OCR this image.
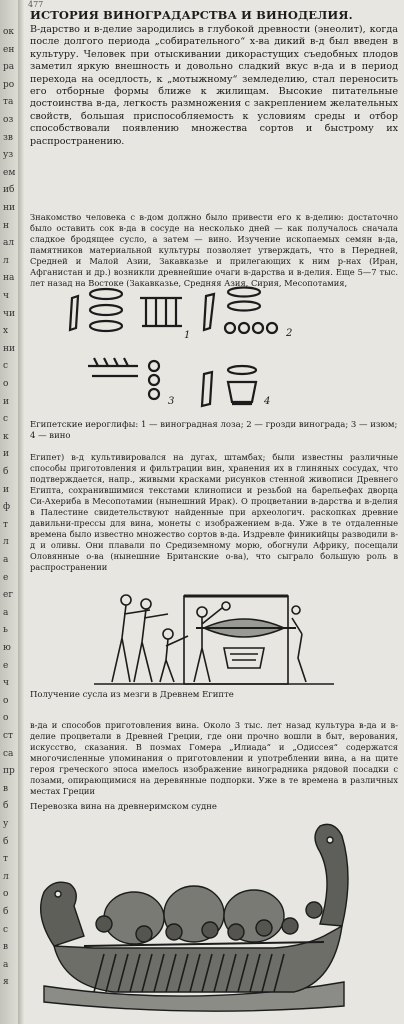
ок
ен
ра
ро
та
оз
зв
уз
ем
иб
ни
н
ал
л
на
ч
чи
х
ни
с
о
и
с
к
и
б
и
ф
т
л
а
е
ег
а
ь
ю
е
ч
о
о
ст
са
пр
в
б
у
б
т
л
о
б
с
в
а
я
477
ИСТОРИЯ ВИНОГРАДАРСТВА И ВИНОДЕЛИЯ.
В-дарство и в-делие зародились в глубокой древности (энеолит), когда после долгого периода „собирательного“ х-ва дикий в-д был введен в культуру. Человек при отыскивании дикорастущих съедобных плодов заметил яркую внешность и довольно сладкий вкус в-да и в период перехода на оседлость, к „мотыжному“ земледелию, стал переносить его отборные формы ближе к жилищам. Высокие питательные достоинства в-да, легкость размножения с закреплением желательных свойств, большая приспособляемость к условиям среды и отбор способствовали появлению множества сортов и быстрому их распространению.
Знакомство человека с в-дом должно было привести его к в-делию: достаточно было оставить сок в-да в сосуде на несколько дней — как получалось сначала сладкое бродящее сусло, а затем — вино. Изучение ископаемых семян в-да, памятников материальной культуры позволяет утверждать, что в Передней, Средней и Малой Азии, Закавказье и прилегающих к ним р-нах (Иран, Афганистан и др.) возникли древнейшие очаги в-дарства и в-делия. Еще 5—7 тыс. лет назад на Востоке (Закавказье, Средняя Азия, Сирия, Месопотамия,
1	2
3	4
Египетские иероглифы: 1 — виноградная лоза; 2 — грозди винограда; 3 — изюм; 4 — вино
Египет) в-д культивировался на дугах, штамбах; были известны различные способы приготовления и фильтрации вин, хранения их в глиняных сосудах, что подтверждается, напр., живыми красками рисунков стенной живописи Древнего Египта, сохранившимися текстами клинописи и резьбой на барельефах дворца Си-Ахериба в Месопотамии (нынешний Ирак). О процветании в-дарства и в-делия в Палестине свидетельствуют найденные при археологич. раскопках древние давильни-прессы для вина, монеты с изображением в-да. Уже в те отдаленные времена было известно множество сортов в-да. Издревле финикийцы разводили в-д и оливы. Они плавали по Средиземному морю, обогнули Африку, посещали Оловянные о-ва (нынешние Британские о-ва), что сыграло большую роль в распространении
Получение сусла из мезги в Древнем Египте
в-да и способов приготовления вина. Около 3 тыс. лет назад культура в-да и в-делие процветали в Древней Греции, где они прочно вошли в быт, верования, искусство, сказания. В поэмах Гомера „Илиада“ и „Одиссея“ содержатся многочисленные упоминания о приготовлении и употреблении вина, а на щите героя греческого эпоса имелось изображение виноградника рядовой посадки с лозами, опирающимися на деревянные подпорки. Уже в те времена в различных местах Греции
Перевозка вина на древнеримском судне
